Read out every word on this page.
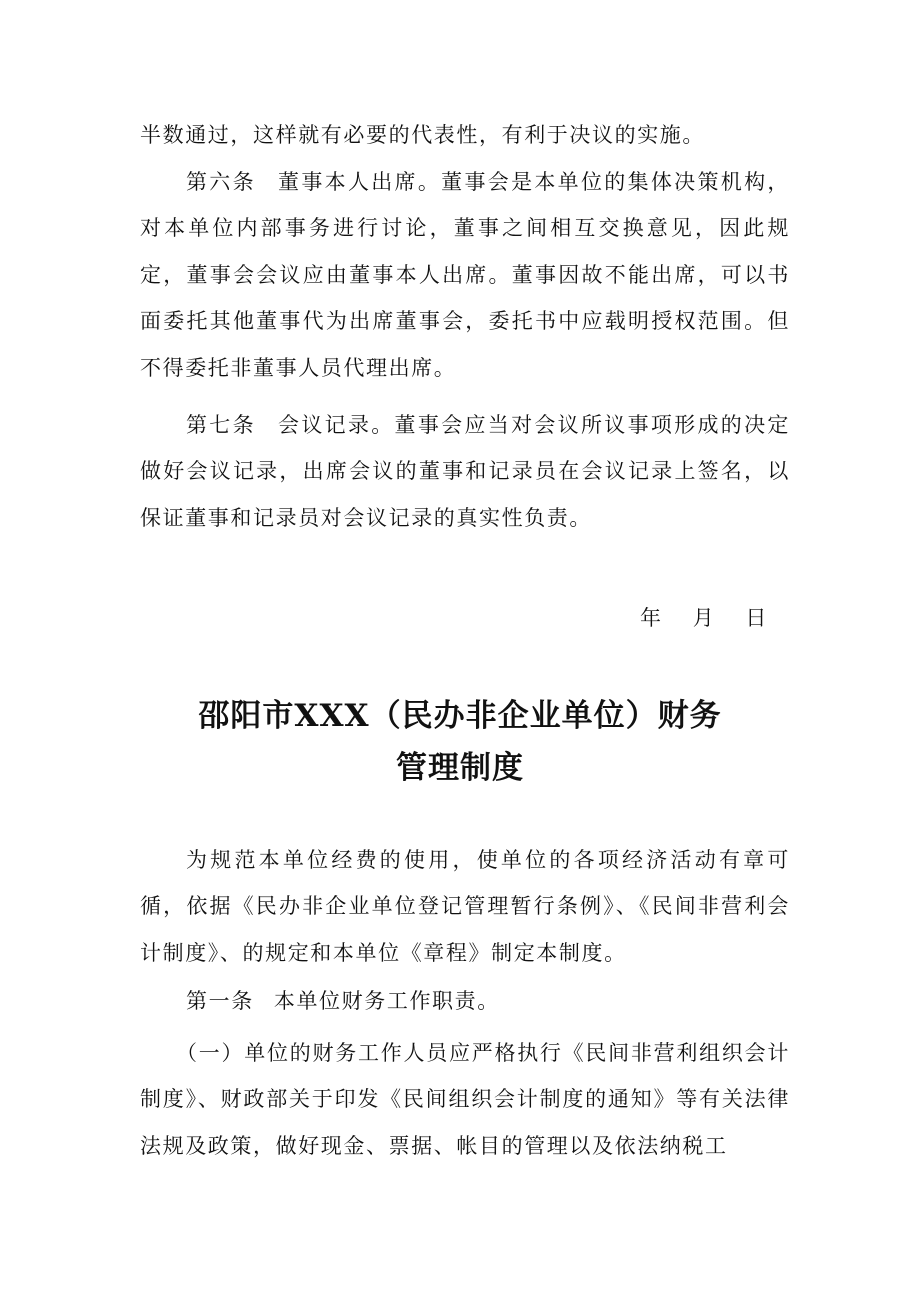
半数通过，这样就有必要的代表性，有利于决议的实施。

第六条 董事本人出席。董事会是本单位的集体决策机构，对本单位内部事务进行讨论，董事之间相互交换意见，因此规定，董事会会议应由董事本人出席。董事因故不能出席，可以书面委托其他董事代为出席董事会，委托书中应载明授权范围。但不得委托非董事人员代理出席。

第七条 会议记录。董事会应当对会议所议事项形成的决定做好会议记录，出席会议的董事和记录员在会议记录上签名，以保证董事和记录员对会议记录的真实性负责。

年    月    日
邵阳市XXX（民办非企业单位）财务
管理制度

为规范本单位经费的使用，使单位的各项经济活动有章可循，依据《民办非企业单位登记管理暂行条例》、《民间非营利会计制度》、的规定和本单位《章程》制定本制度。

第一条 本单位财务工作职责。

（一）单位的财务工作人员应严格执行《民间非营利组织会计制度》、财政部关于印发《民间组织会计制度的通知》等有关法律法规及政策，做好现金、票据、帐目的管理以及依法纳税工
